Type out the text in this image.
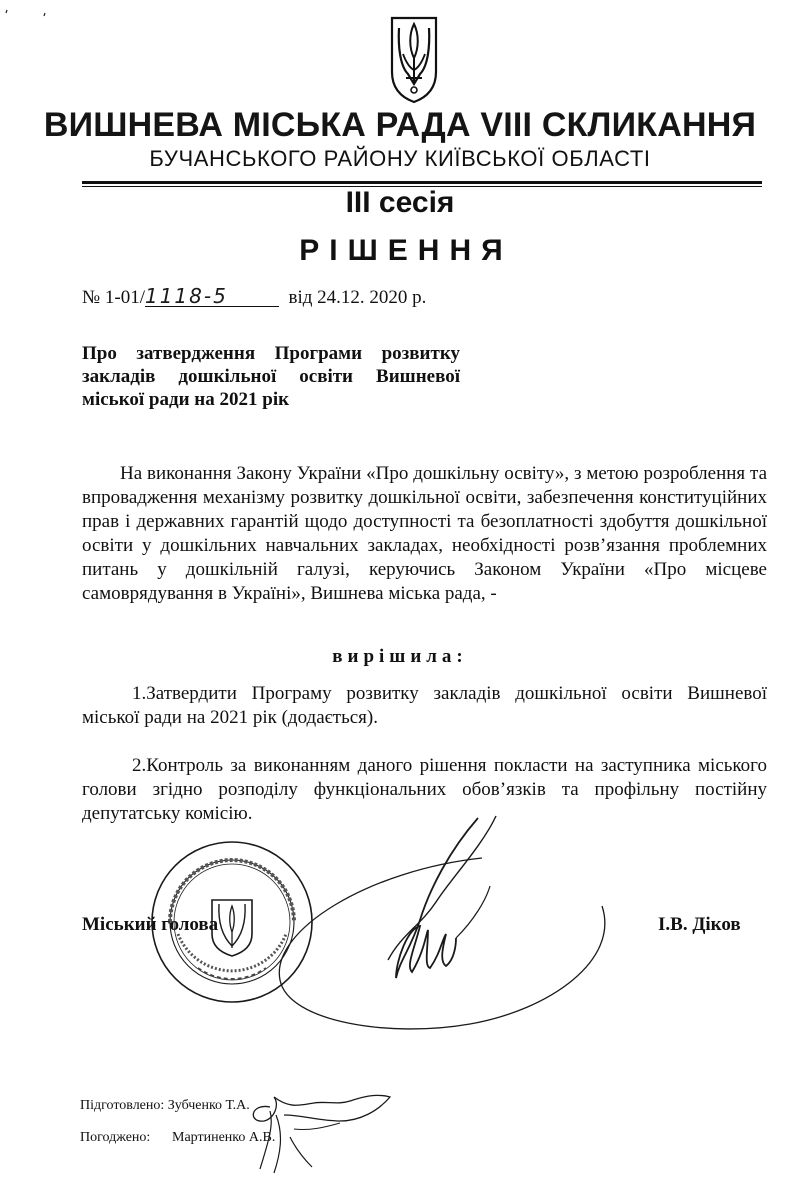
ВИШНЕВА МІСЬКА РАДА VIII СКЛИКАННЯ
БУЧАНСЬКОГО РАЙОНУ КИЇВСЬКОЇ ОБЛАСТІ
ІІІ сесія
РІШЕННЯ
№ 1-01/1118-5	від 24.12. 2020 р.
Про затвердження Програми розвитку закладів дошкільної освіти Вишневої міської ради на 2021 рік
На виконання Закону України «Про дошкільну освіту», з метою розроблення та впровадження механізму розвитку дошкільної освіти, забезпечення конституційних прав і державних гарантій щодо доступності та безоплатності здобуття дошкільної освіти у дошкільних навчальних закладах, необхідності розв’язання проблемних питань у дошкільній галузі, керуючись Законом України «Про місцеве самоврядування в Україні», Вишнева міська рада, -
вирішила:
1.Затвердити Програму розвитку закладів дошкільної освіти Вишневої міської ради на 2021 рік (додається).
2.Контроль за виконанням даного рішення покласти на заступника міського голови згідно розподілу функціональних обов’язків та профільну постійну депутатську комісію.
Міський голова	І.В. Діков
Підготовлено: Зубченко Т.А.
Погоджено: Мартиненко А.В.
